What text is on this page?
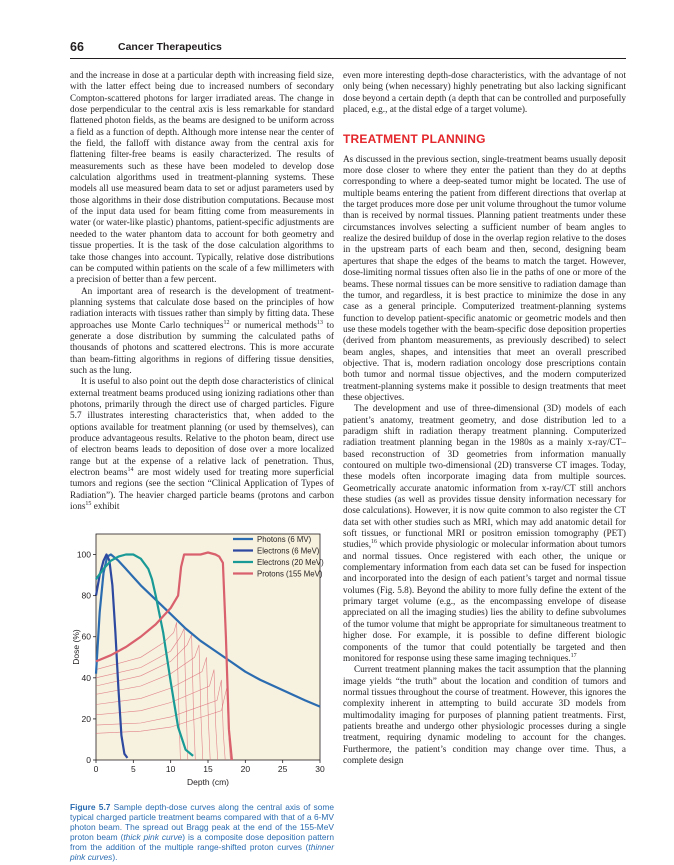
66	Cancer Therapeutics

and the increase in dose at a particular depth with increasing field size, with the latter effect being due to increased numbers of secondary Compton-scattered photons for larger irradiated areas. The change in dose perpendicular to the central axis is less remarkable for standard flattened photon fields, as the beams are designed to be uniform across a field as a function of depth. Although more intense near the center of the field, the falloff with distance away from the central axis for flattening filter-free beams is easily characterized. The results of measurements such as these have been modeled to develop dose calculation algorithms used in treatment-planning systems. These models all use measured beam data to set or adjust parameters used by those algorithms in their dose distribution computations. Because most of the input data used for beam fitting come from measurements in water (or water-like plastic) phantoms, patient-specific adjustments are needed to the water phantom data to account for both geometry and tissue properties. It is the task of the dose calculation algorithms to take those changes into account. Typically, relative dose distributions can be computed within patients on the scale of a few millimeters with a precision of better than a few percent.

An important area of research is the development of treatment-planning systems that calculate dose based on the principles of how radiation interacts with tissues rather than simply by fitting data. These approaches use Monte Carlo techniques$^{12}$ or numerical methods$^{13}$ to generate a dose distribution by summing the calculated paths of thousands of photons and scattered electrons. This is more accurate than beam-fitting algorithms in regions of differing tissue densities, such as the lung.

It is useful to also point out the depth dose characteristics of clinical external treatment beams produced using ionizing radiations other than photons, primarily through the direct use of charged particles. Figure 5.7 illustrates interesting characteristics that, when added to the options available for treatment planning (or used by themselves), can produce advantageous results. Relative to the photon beam, direct use of electron beams leads to deposition of dose over a more localized range but at the expense of a relative lack of penetration. Thus, electron beams$^{14}$ are most widely used for treating more superficial tumors and regions (see the section “Clinical Application of Types of Radiation”). The heavier charged particle beams (protons and carbon ions$^{15}$ exhibit

even more interesting depth-dose characteristics, with the advantage of not only being (when necessary) highly penetrating but also lacking significant dose beyond a certain depth (a depth that can be controlled and purposefully placed, e.g., at the distal edge of a target volume).

TREATMENT PLANNING

As discussed in the previous section, single-treatment beams usually deposit more dose closer to where they enter the patient than they do at depths corresponding to where a deep-seated tumor might be located. The use of multiple beams entering the patient from different directions that overlap at the target produces more dose per unit volume throughout the tumor volume than is received by normal tissues. Planning patient treatments under these circumstances involves selecting a sufficient number of beam angles to realize the desired buildup of dose in the overlap region relative to the doses in the upstream parts of each beam and then, second, designing beam apertures that shape the edges of the beams to match the target. However, dose-limiting normal tissues often also lie in the paths of one or more of the beams. These normal tissues can be more sensitive to radiation damage than the tumor, and regardless, it is best practice to minimize the dose in any case as a general principle. Computerized treatment-planning systems function to develop patient-specific anatomic or geometric models and then use these models together with the beam-specific dose deposition properties (derived from phantom measurements, as previously described) to select beam angles, shapes, and intensities that meet an overall prescribed objective. That is, modern radiation oncology dose prescriptions contain both tumor and normal tissue objectives, and the modern computerized treatment-planning systems make it possible to design treatments that meet these objectives.

The development and use of three-dimensional (3D) models of each patient’s anatomy, treatment geometry, and dose distribution led to a paradigm shift in radiation therapy treatment planning. Computerized radiation treatment planning began in the 1980s as a mainly x-ray/CT–based reconstruction of 3D geometries from information manually contoured on multiple two-dimensional (2D) transverse CT images. Today, these models often incorporate imaging data from multiple sources. Geometrically accurate anatomic information from x-ray/CT still anchors these studies (as well as provides tissue density information necessary for dose calculations). However, it is now quite common to also register the CT data set with other studies such as MRI, which may add anatomic detail for soft tissues, or functional MRI or positron emission tomography (PET) studies,$^{16}$ which provide physiologic or molecular information about tumors and normal tissues. Once registered with each other, the unique or complementary information from each data set can be fused for inspection and incorporated into the design of each patient’s target and normal tissue volumes (Fig. 5.8). Beyond the ability to more fully define the extent of the primary target volume (e.g., as the encompassing envelope of disease appreciated on all the imaging studies) lies the ability to define subvolumes of the tumor volume that might be appropriate for simultaneous treatment to higher dose. For example, it is possible to define different biologic components of the tumor that could potentially be targeted and then monitored for response using these same imaging techniques.$^{17}$

Current treatment planning makes the tacit assumption that the planning image yields “the truth” about the location and condition of tumors and normal tissues throughout the course of treatment. However, this ignores the complexity inherent in attempting to build accurate 3D models from multimodality imaging for purposes of planning patient treatments. First, patients breathe and undergo other physiologic processes during a single treatment, requiring dynamic modeling to account for the changes. Furthermore, the patient’s condition may change over time. Thus, a complete design

0	5	10	15	20	25	30
0
20
40
60
80
100
Depth (cm)
Dose (%)
Photons (6 MV)
Electrons (6 MeV)
Electrons (20 MeV)
Protons (155 MeV)
Figure 5.7 Sample depth-dose curves along the central axis of some typical charged particle treatment beams compared with that of a 6-MV photon beam. The spread out Bragg peak at the end of the 155-MeV proton beam (thick pink curve) is a composite dose deposition pattern from the addition of the multiple range-shifted proton curves (thinner pink curves).
